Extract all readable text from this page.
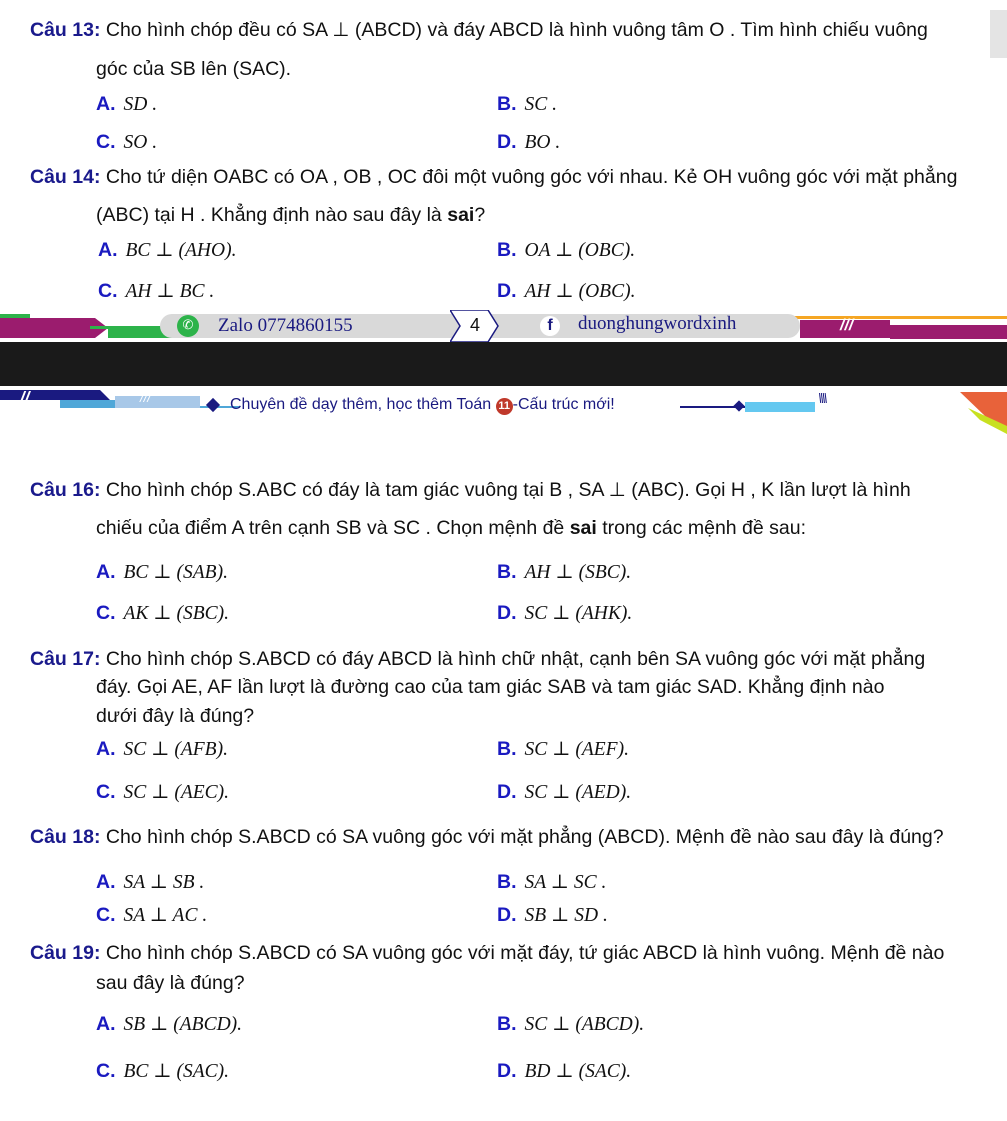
Câu 13: Cho hình chóp đều có SA ⊥ (ABCD) và đáy ABCD là hình vuông tâm O . Tìm hình chiếu vuông
góc của SB lên (SAC).
A. SD .	B. SC .
C. SO .	D. BO .
Câu 14: Cho tứ diện OABC có OA , OB , OC đôi một vuông góc với nhau. Kẻ OH vuông góc với mặt phẳng
(ABC) tại H . Khẳng định nào sau đây là sai?
A. BC ⊥ (AHO).	B. OA ⊥ (OBC).
C. AH ⊥ BC .	D. AH ⊥ (OBC).
✆ Zalo 0774860155	4	f	duonghungwordxinh	///
//	///	Chuyên đề dạy thêm, học thêm Toán 11 -Cấu trúc mới!	\\\\
Câu 16: Cho hình chóp S.ABC có đáy là tam giác vuông tại B , SA ⊥ (ABC). Gọi H , K lần lượt là hình
chiếu của điểm A trên cạnh SB và SC . Chọn mệnh đề sai trong các mệnh đề sau:
A. BC ⊥ (SAB).	B. AH ⊥ (SBC).
C. AK ⊥ (SBC).	D. SC ⊥ (AHK).
Câu 17: Cho hình chóp S.ABCD có đáy ABCD là hình chữ nhật, cạnh bên SA vuông góc với mặt phẳng
đáy. Gọi AE, AF lần lượt là đường cao của tam giác SAB và tam giác SAD. Khẳng định nào
dưới đây là đúng?
A. SC ⊥ (AFB).	B. SC ⊥ (AEF).
C. SC ⊥ (AEC).	D. SC ⊥ (AED).
Câu 18: Cho hình chóp S.ABCD có SA vuông góc với mặt phẳng (ABCD). Mệnh đề nào sau đây là đúng?
A. SA ⊥ SB .	B. SA ⊥ SC .
C. SA ⊥ AC .	D. SB ⊥ SD .
Câu 19: Cho hình chóp S.ABCD có SA vuông góc với mặt đáy, tứ giác ABCD là hình vuông. Mệnh đề nào
sau đây là đúng?
A. SB ⊥ (ABCD).	B. SC ⊥ (ABCD).
C. BC ⊥ (SAC).	D. BD ⊥ (SAC).
